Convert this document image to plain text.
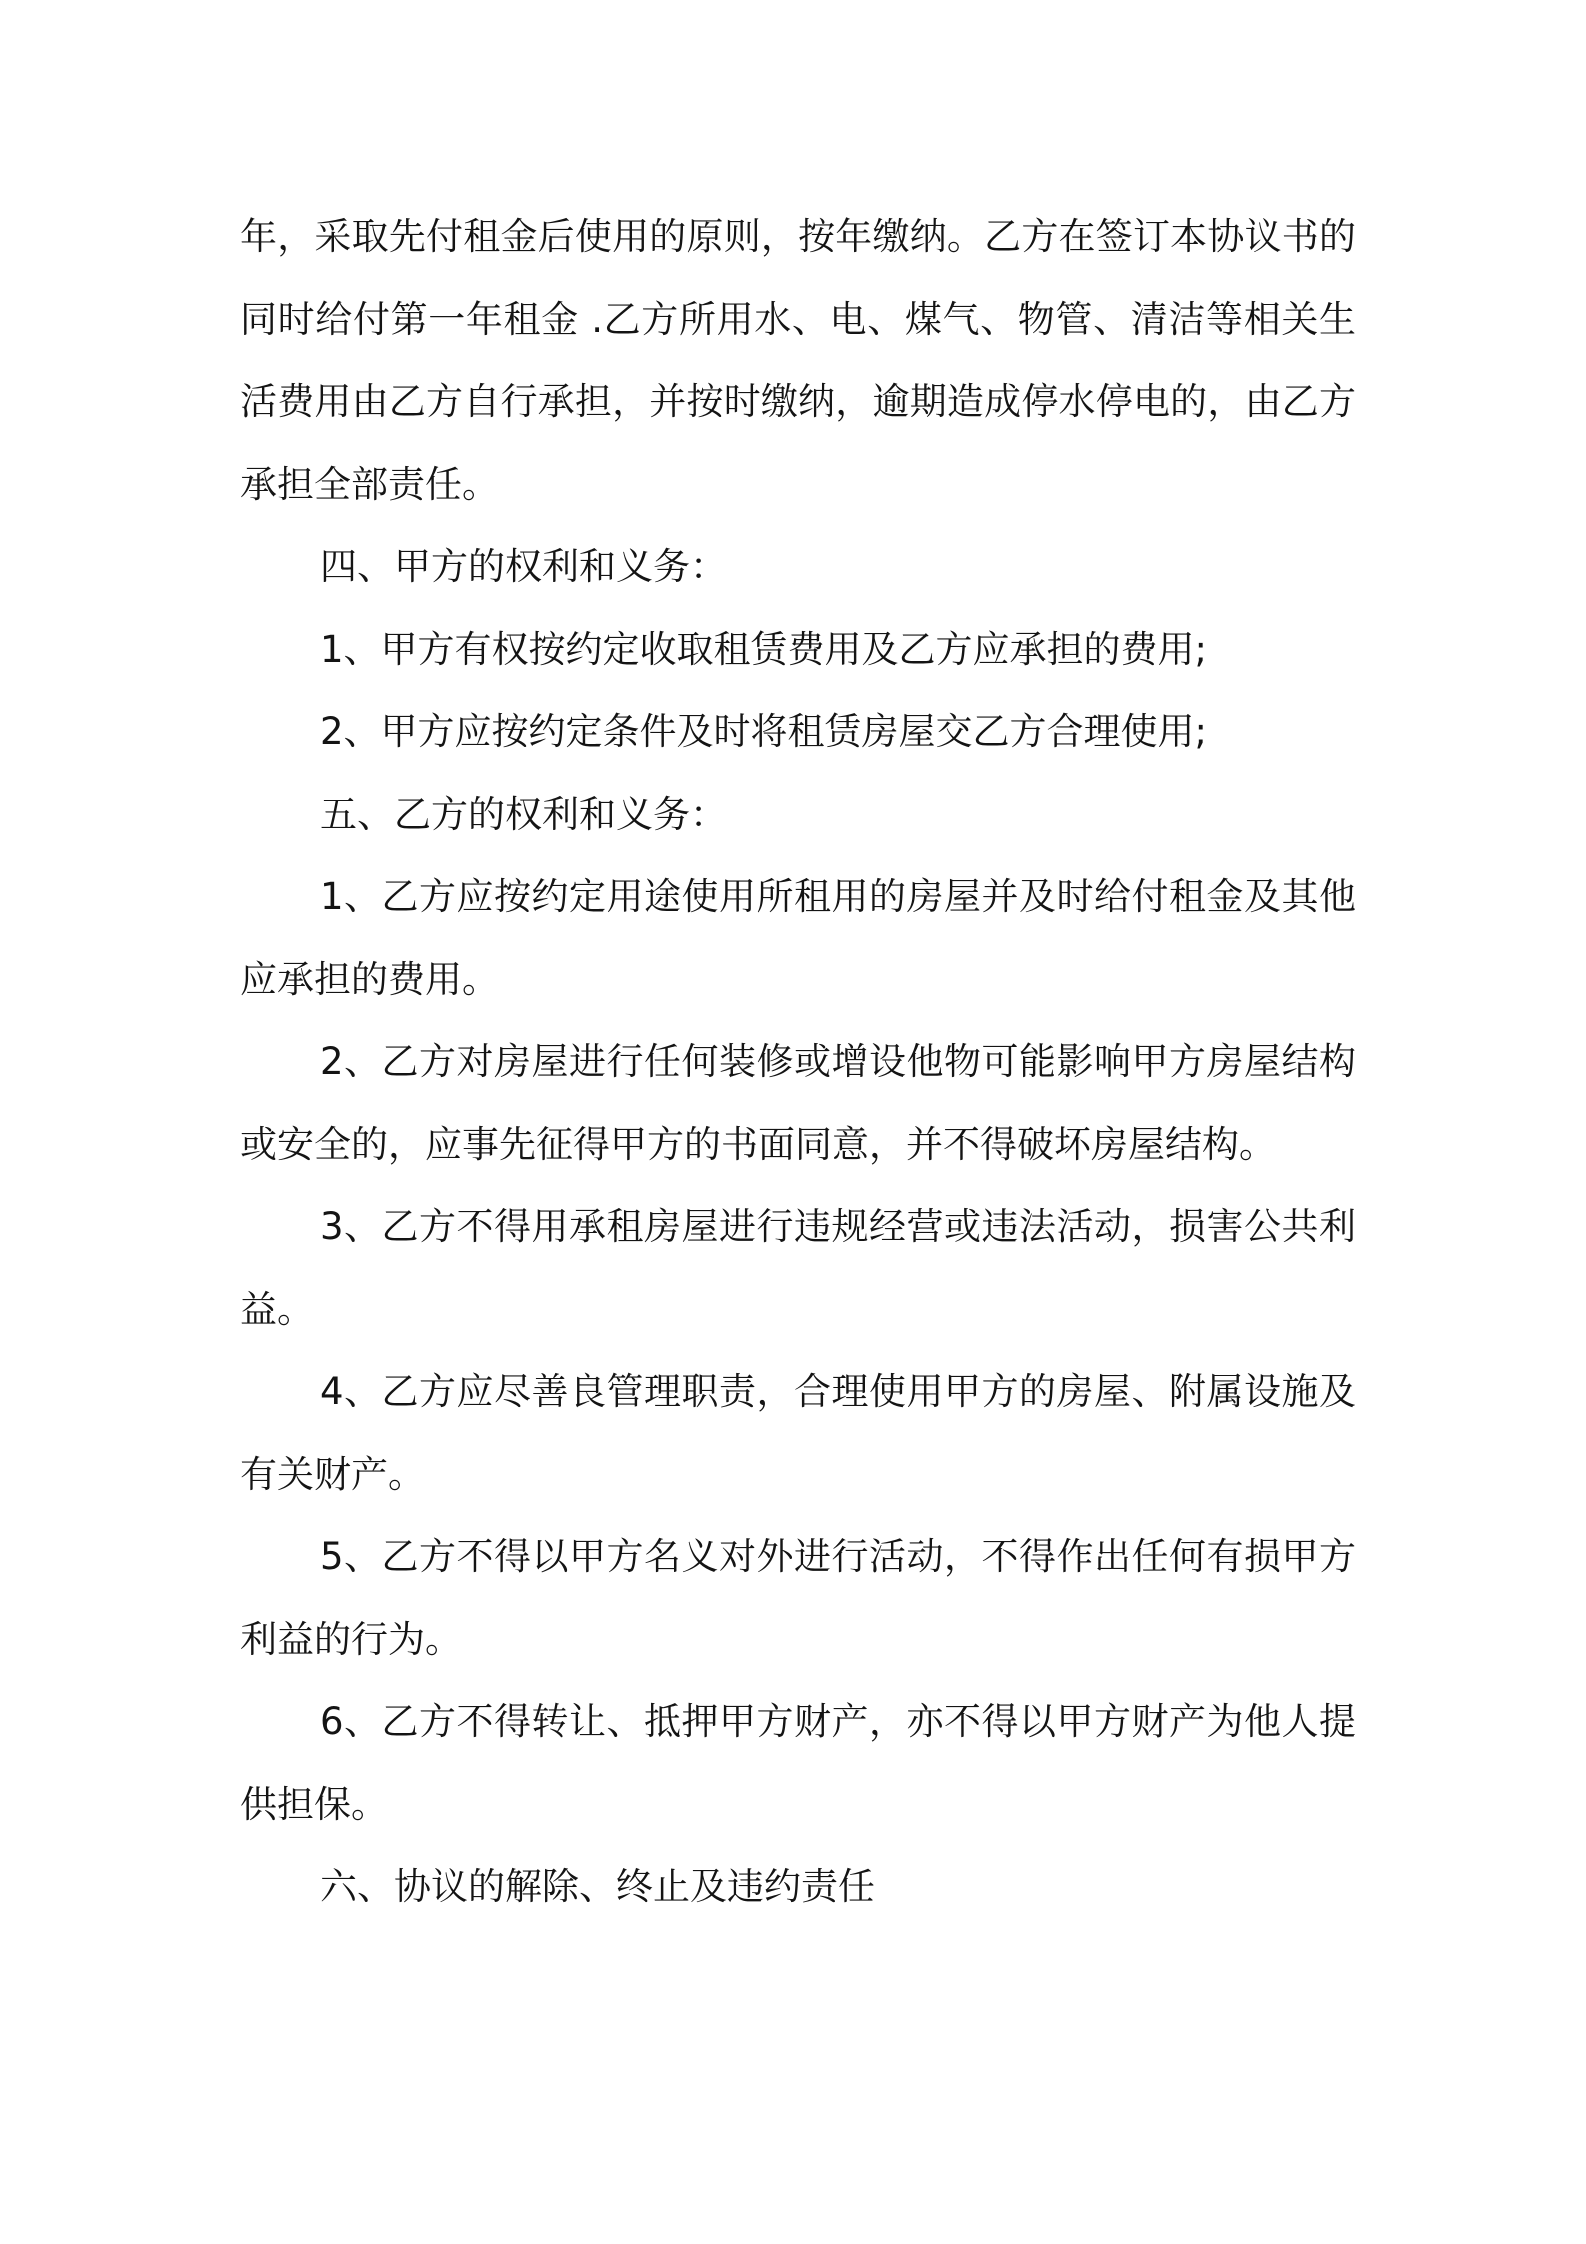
年，采取先付租金后使用的原则，按年缴纳。乙方在签订本协议书的同时给付第一年租金 .乙方所用水、电、煤气、物管、清洁等相关生活费用由乙方自行承担，并按时缴纳，逾期造成停水停电的，由乙方承担全部责任。

四、甲方的权利和义务：

1、甲方有权按约定收取租赁费用及乙方应承担的费用;

2、甲方应按约定条件及时将租赁房屋交乙方合理使用;

五、乙方的权利和义务：

1、乙方应按约定用途使用所租用的房屋并及时给付租金及其他应承担的费用。

2、乙方对房屋进行任何装修或增设他物可能影响甲方房屋结构或安全的，应事先征得甲方的书面同意，并不得破坏房屋结构。

3、乙方不得用承租房屋进行违规经营或违法活动，损害公共利益。

4、乙方应尽善良管理职责，合理使用甲方的房屋、附属设施及有关财产。

5、乙方不得以甲方名义对外进行活动，不得作出任何有损甲方利益的行为。

6、乙方不得转让、抵押甲方财产，亦不得以甲方财产为他人提供担保。

六、协议的解除、终止及违约责任
